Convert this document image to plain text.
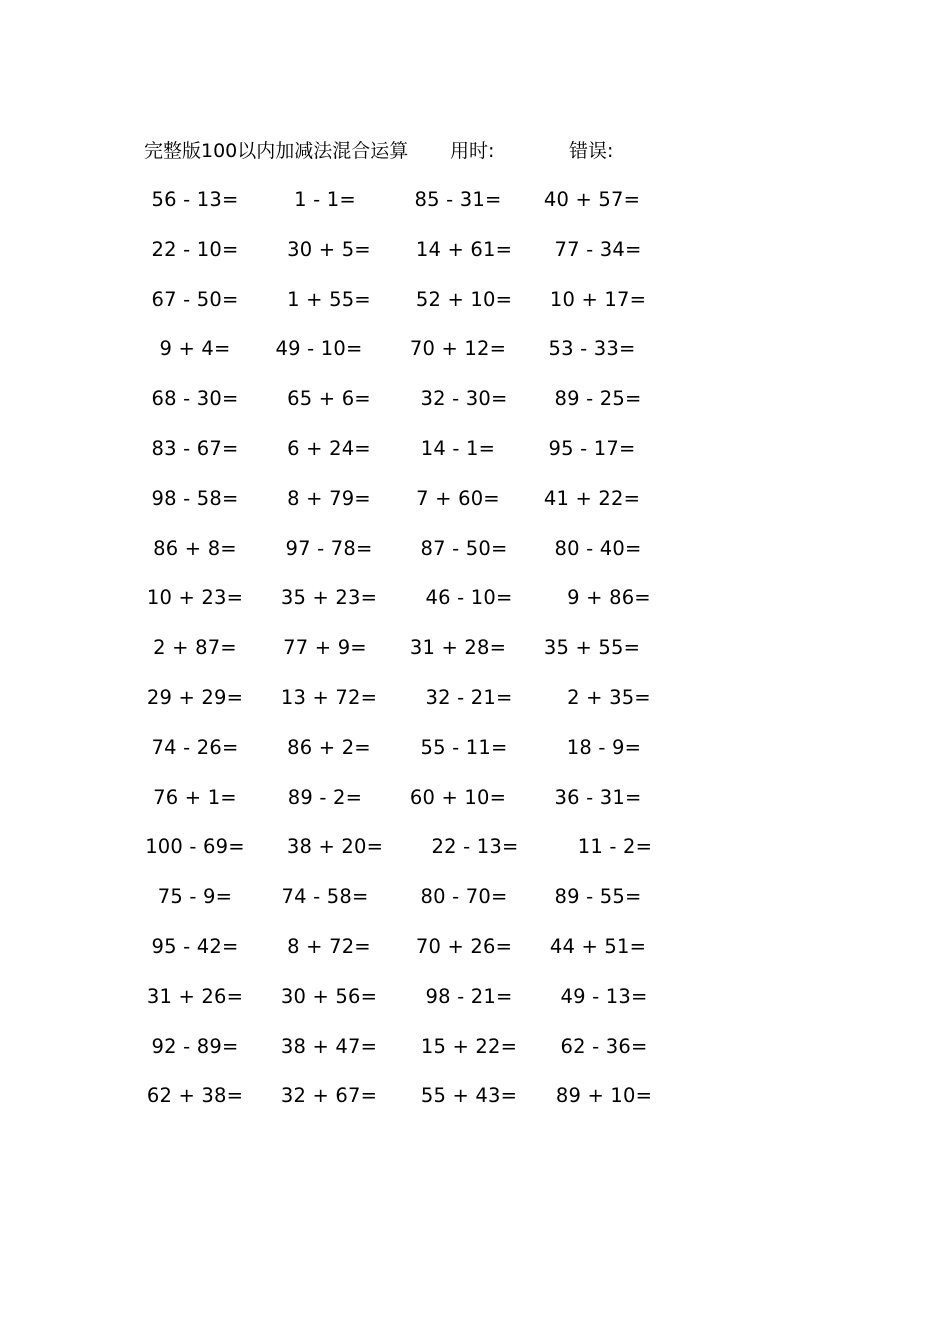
完整版100以内加减法混合运算 用时:	错误:
56 - 13=	1 - 1=	85 - 31=	40 + 57=
22 - 10=	30 + 5=	14 + 61=	77 - 34=
67 - 50=	1 + 55=	52 + 10=	10 + 17=
9 + 4=	49 - 10=	70 + 12=	53 - 33=
68 - 30=	65 + 6=	32 - 30=	89 - 25=
83 - 67=	6 + 24=	14 - 1=	95 - 17=
98 - 58=	8 + 79=	7 + 60=	41 + 22=
86 + 8=	97 - 78=	87 - 50=	80 - 40=
10 + 23=	35 + 23=	46 - 10=	9 + 86=
2 + 87=	77 + 9=	31 + 28=	35 + 55=
29 + 29=	13 + 72=	32 - 21=	2 + 35=
74 - 26=	86 + 2=	55 - 11=	18 - 9=
76 + 1=	89 - 2=	60 + 10=	36 - 31=
100 - 69=	38 + 20=	22 - 13=	11 - 2=
75 - 9=	74 - 58=	80 - 70=	89 - 55=
95 - 42=	8 + 72=	70 + 26=	44 + 51=
31 + 26=	30 + 56=	98 - 21=	49 - 13=
92 - 89=	38 + 47=	15 + 22=	62 - 36=
62 + 38=	32 + 67=	55 + 43=	89 + 10=
